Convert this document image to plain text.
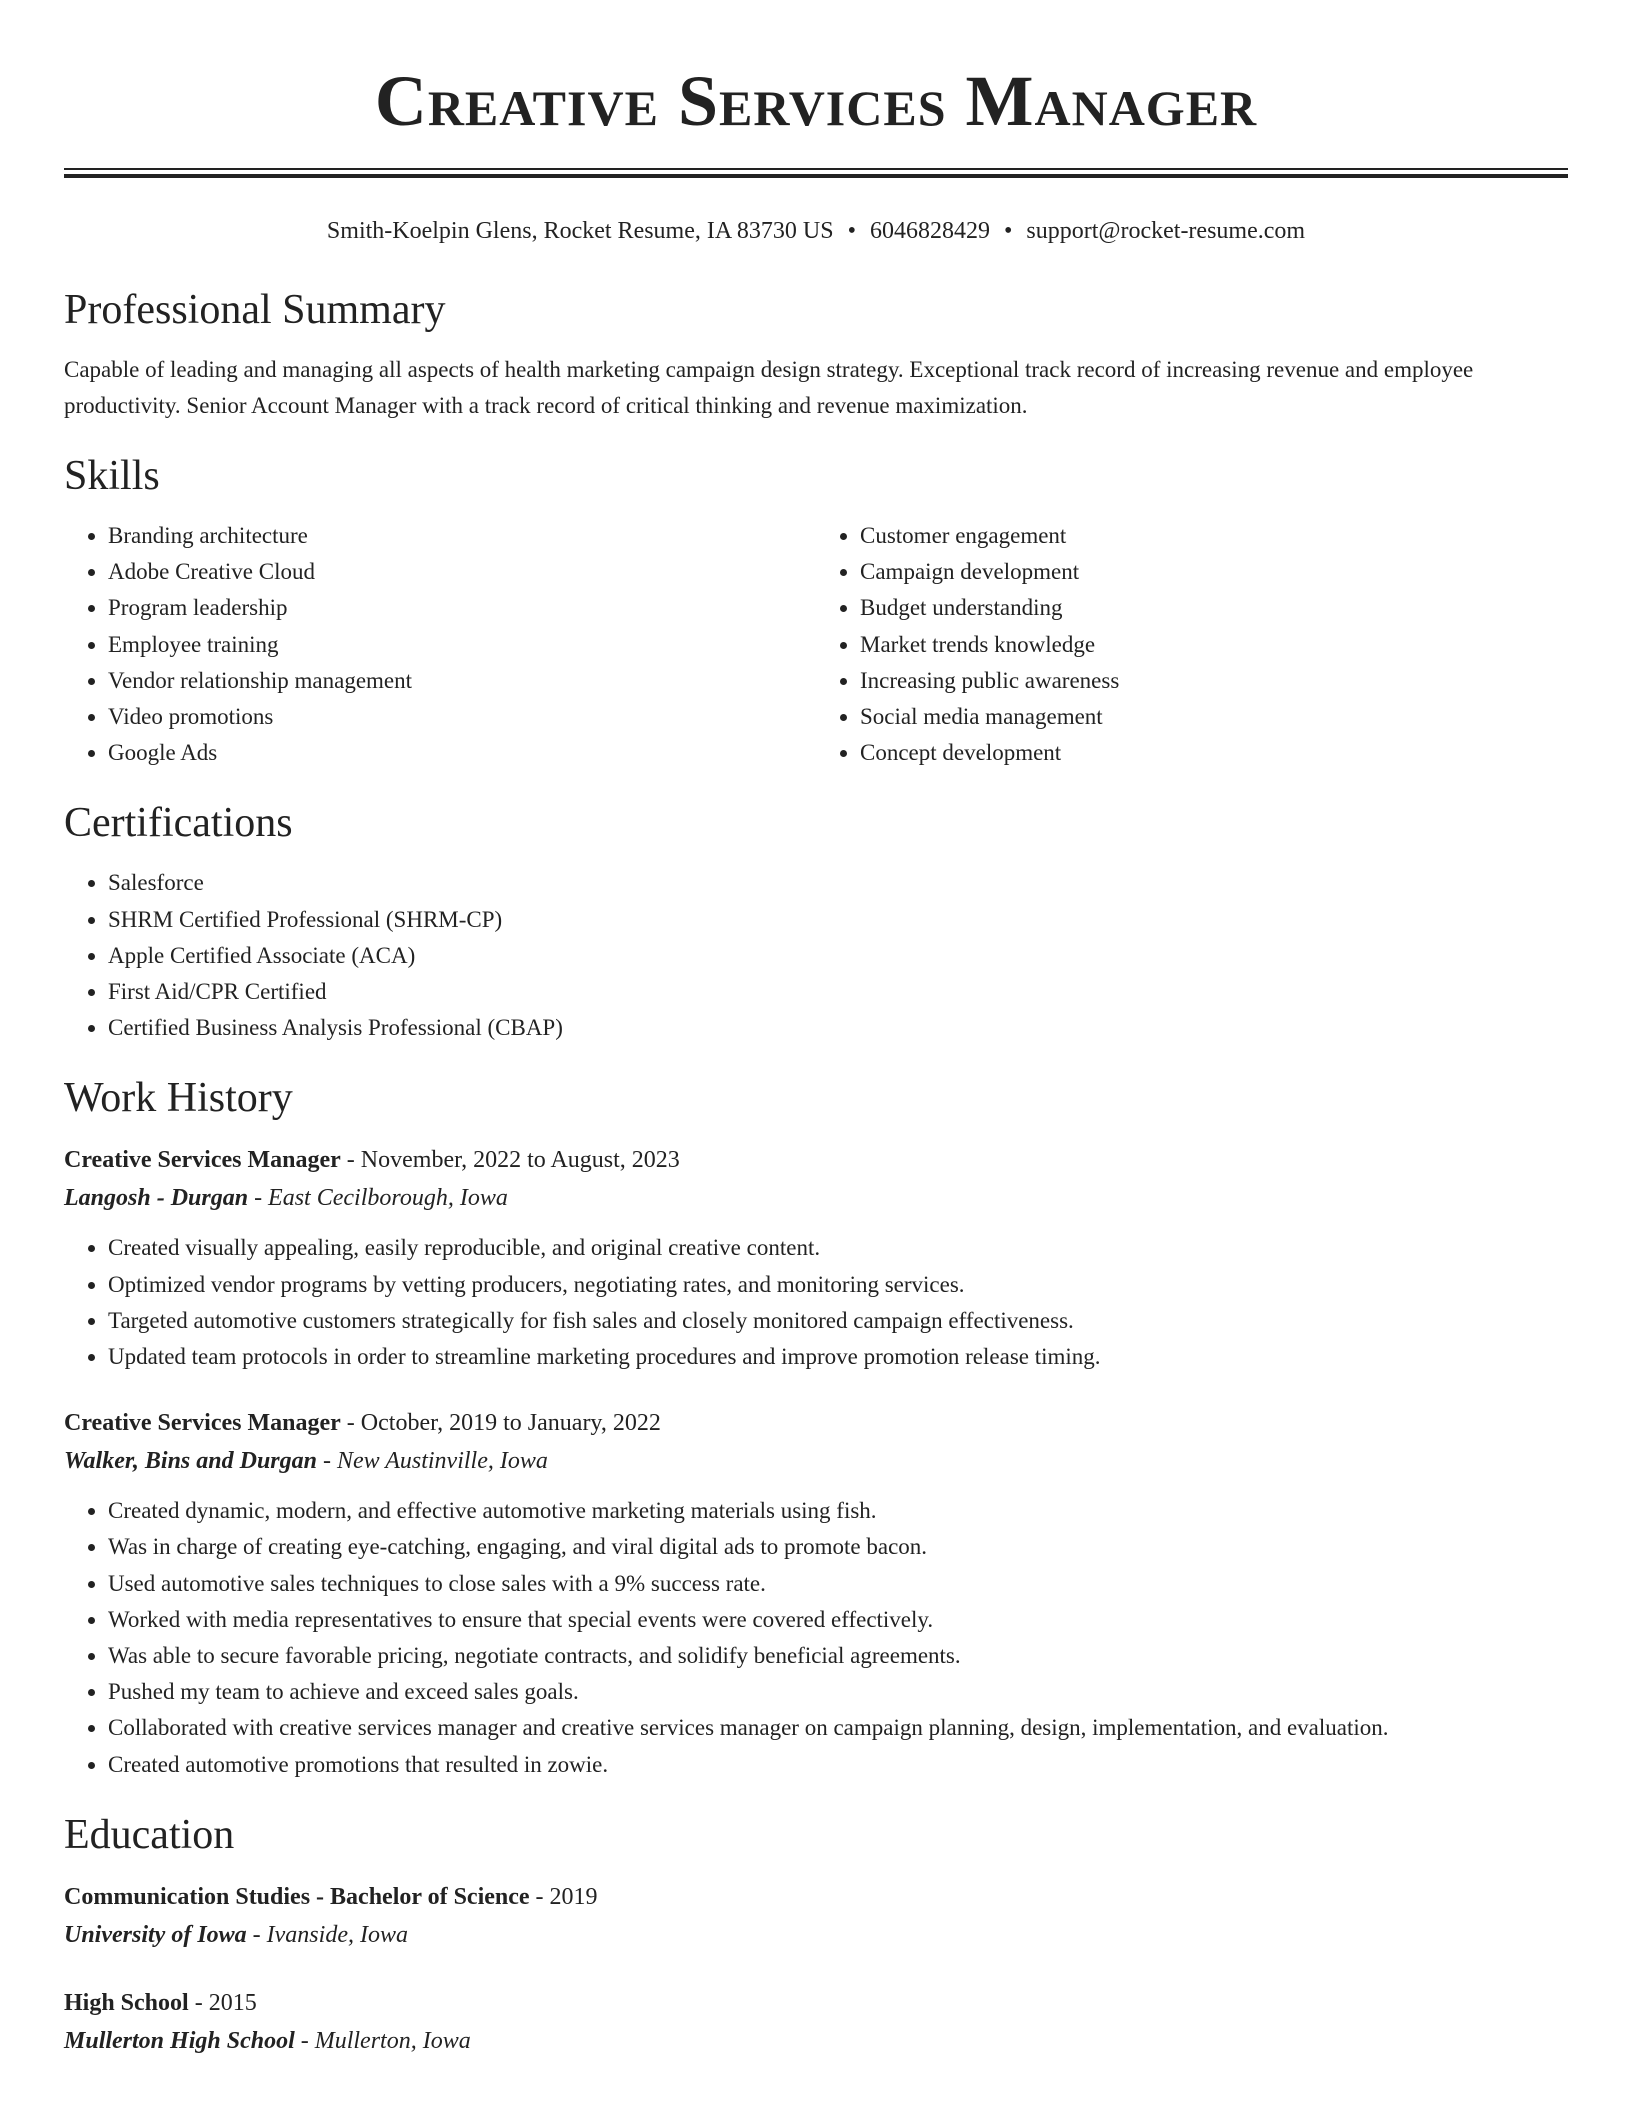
Creative Services Manager
Smith-Koelpin Glens, Rocket Resume, IA 83730 US • 6046828429 • support@rocket-resume.com
Professional Summary

Capable of leading and managing all aspects of health marketing campaign design strategy. Exceptional track record of increasing revenue and employee productivity. Senior Account Manager with a track record of critical thinking and revenue maximization.

Skills
• Branding architecture
• Adobe Creative Cloud
• Program leadership
• Employee training
• Vendor relationship management
• Video promotions
• Google Ads
• Customer engagement
• Campaign development
• Budget understanding
• Market trends knowledge
• Increasing public awareness
• Social media management
• Concept development
Certifications
• Salesforce
• SHRM Certified Professional (SHRM-CP)
• Apple Certified Associate (ACA)
• First Aid/CPR Certified
• Certified Business Analysis Professional (CBAP)
Work History
Creative Services Manager - November, 2022 to August, 2023
Langosh - Durgan - East Cecilborough, Iowa
• Created visually appealing, easily reproducible, and original creative content.
• Optimized vendor programs by vetting producers, negotiating rates, and monitoring services.
• Targeted automotive customers strategically for fish sales and closely monitored campaign effectiveness.
• Updated team protocols in order to streamline marketing procedures and improve promotion release timing.
Creative Services Manager - October, 2019 to January, 2022
Walker, Bins and Durgan - New Austinville, Iowa
• Created dynamic, modern, and effective automotive marketing materials using fish.
• Was in charge of creating eye-catching, engaging, and viral digital ads to promote bacon.
• Used automotive sales techniques to close sales with a 9% success rate.
• Worked with media representatives to ensure that special events were covered effectively.
• Was able to secure favorable pricing, negotiate contracts, and solidify beneficial agreements.
• Pushed my team to achieve and exceed sales goals.
• Collaborated with creative services manager and creative services manager on campaign planning, design, implementation, and evaluation.
• Created automotive promotions that resulted in zowie.
Education
Communication Studies - Bachelor of Science - 2019
University of Iowa - Ivanside, Iowa
High School - 2015
Mullerton High School - Mullerton, Iowa
